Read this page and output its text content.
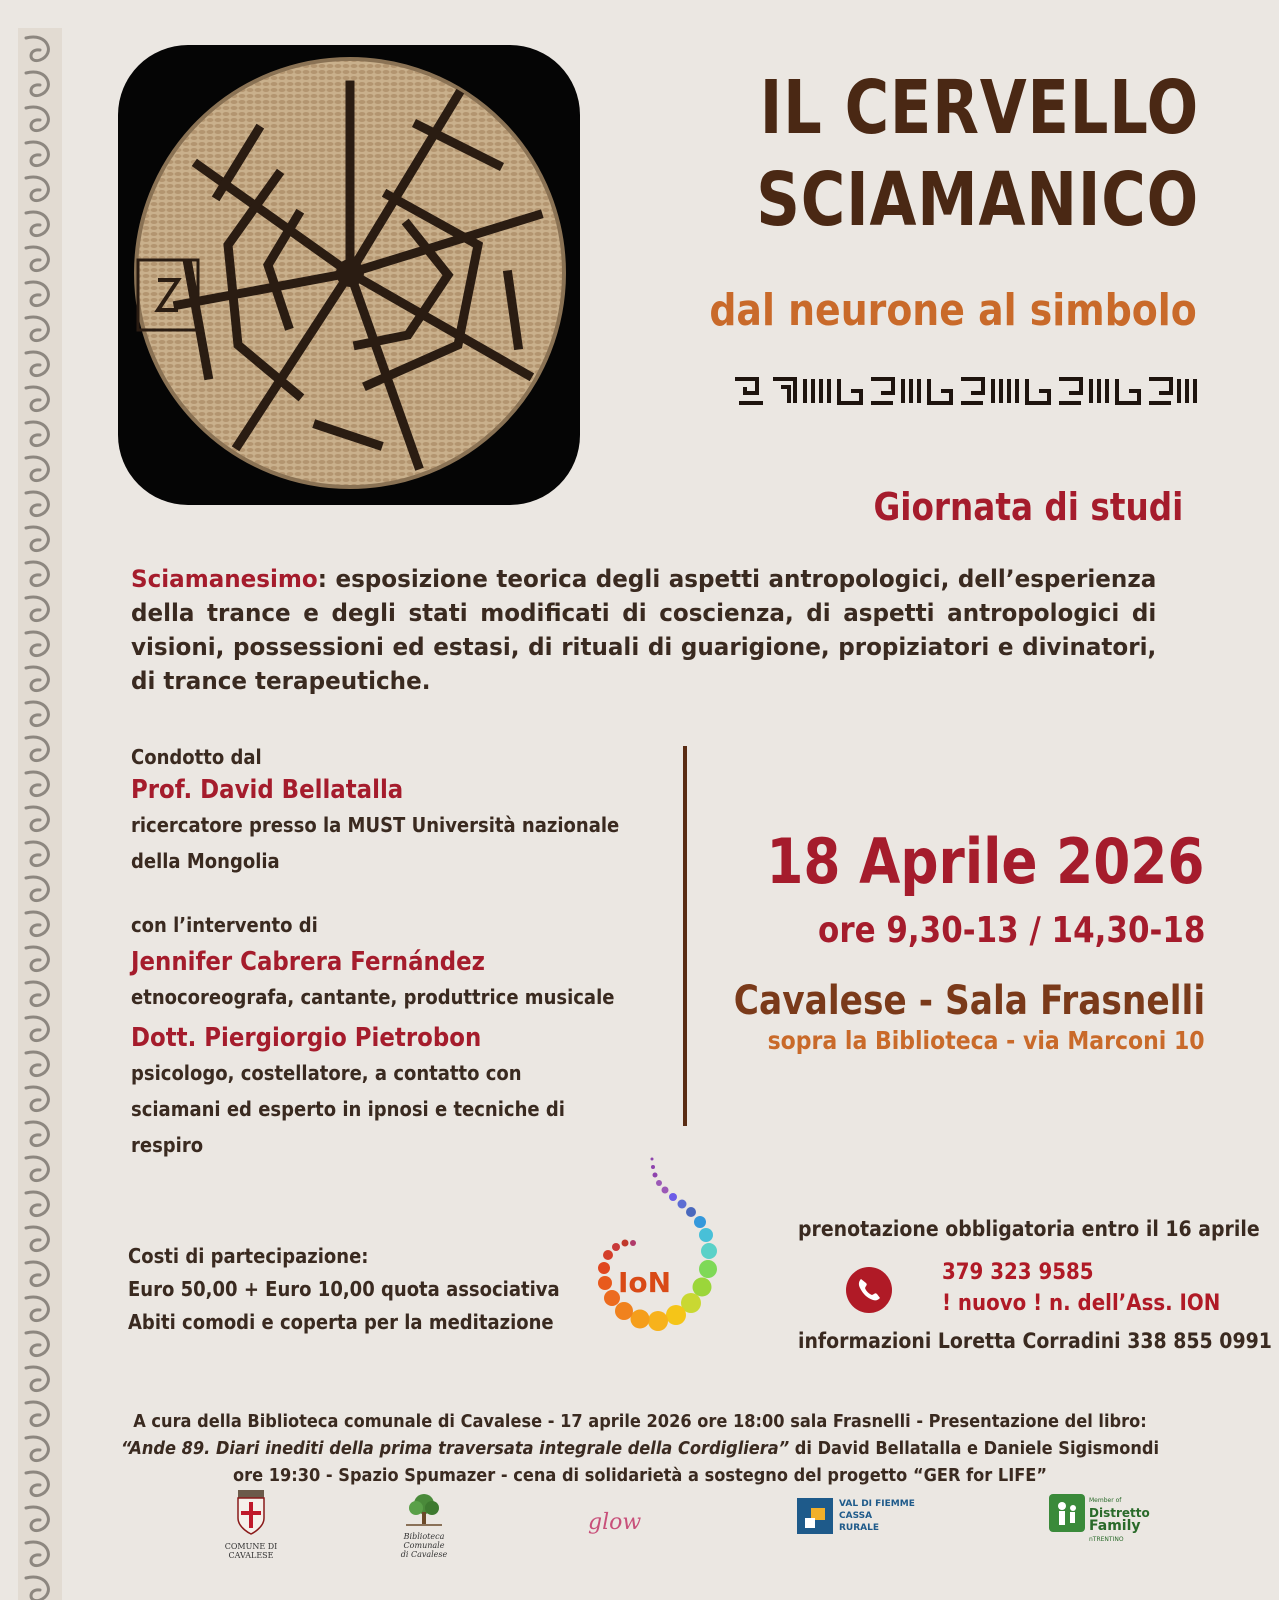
IL CERVELLO
SCIAMANICO
dal neurone al simbolo
Giornata di studi
Sciamanesimo: esposizione teorica degli aspetti antropologici, dell’esperienza della trance e degli stati modificati di coscienza, di aspetti antropologici di visioni, possessioni ed estasi, di rituali di guarigione, propiziatori e divinatori, di trance terapeutiche.
Condotto dal
Prof. David Bellatalla
ricercatore presso la MUST Università nazionale della Mongolia
con l’intervento di
Jennifer Cabrera Fernández
etnocoreografa, cantante, produttrice musicale
Dott. Piergiorgio Pietrobon
psicologo, costellatore, a contatto con sciamani ed esperto in ipnosi e tecniche di respiro
18 Aprile 2026
ore 9,30-13 / 14,30-18
Cavalese - Sala Frasnelli
sopra la Biblioteca - via Marconi 10
Costi di partecipazione:
Euro 50,00 + Euro 10,00 quota associativa
Abiti comodi e coperta per la meditazione
IoN
prenotazione obbligatoria entro il 16 aprile
379 323 9585
! nuovo ! n. dell’Ass. ION
informazioni Loretta Corradini 338 855 0991
A cura della Biblioteca comunale di Cavalese - 17 aprile 2026 ore 18:00 sala Frasnelli - Presentazione del libro:
“Ande 89. Diari inediti della prima traversata integrale della Cordigliera” di David Bellatalla e Daniele Sigismondi
ore 19:30 - Spazio Spumazer - cena di solidarietà a sostegno del progetto “GER for LIFE”
COMUNE DI
CAVALESE
Biblioteca Comunale
di Cavalese
glow
VAL DI FIEMME
CASSA
RURALE
Member of
Distretto
Family
nTRENTINO
